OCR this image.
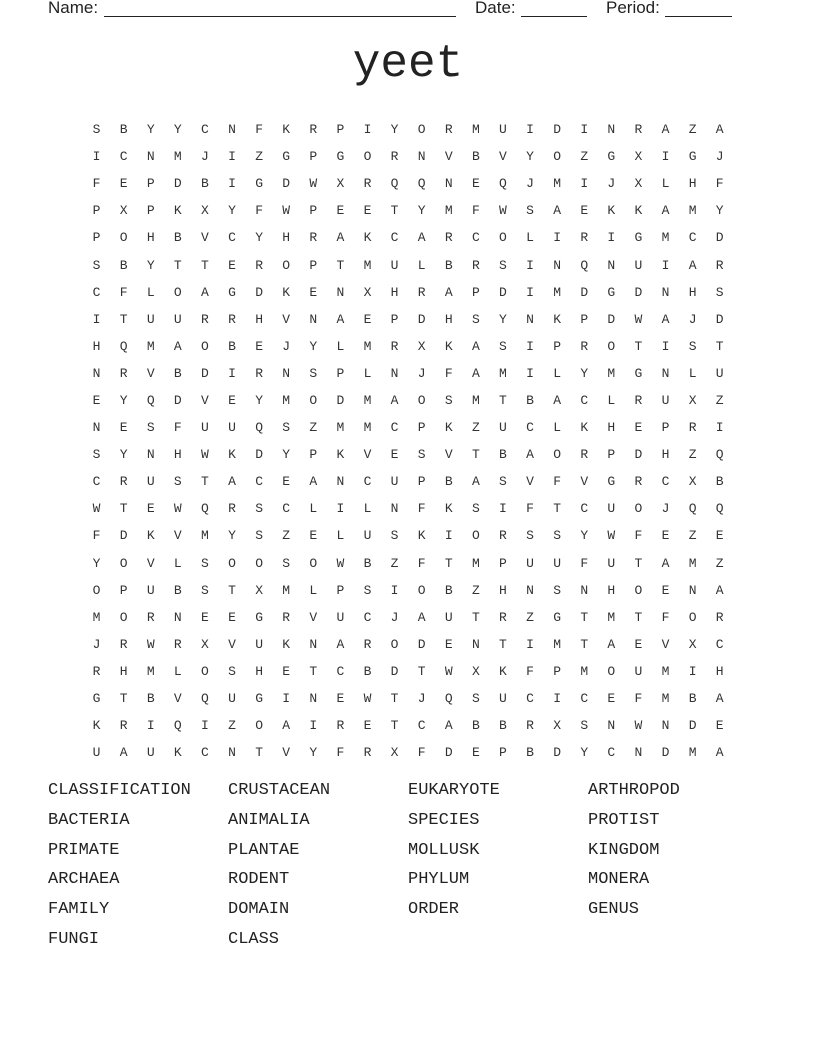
Name:	Date:	Period:
yeet
S	B	Y	Y	C	N	F	K	R	P	I	Y	O	R	M	U	I	D	I	N	R	A	Z	A
I	C	N	M	J	I	Z	G	P	G	O	R	N	V	B	V	Y	O	Z	G	X	I	G	J
F	E	P	D	B	I	G	D	W	X	R	Q	Q	N	E	Q	J	M	I	J	X	L	H	F
P	X	P	K	X	Y	F	W	P	E	E	T	Y	M	F	W	S	A	E	K	K	A	M	Y
P	O	H	B	V	C	Y	H	R	A	K	C	A	R	C	O	L	I	R	I	G	M	C	D
S	B	Y	T	T	E	R	O	P	T	M	U	L	B	R	S	I	N	Q	N	U	I	A	R
C	F	L	O	A	G	D	K	E	N	X	H	R	A	P	D	I	M	D	G	D	N	H	S
I	T	U	U	R	R	H	V	N	A	E	P	D	H	S	Y	N	K	P	D	W	A	J	D
H	Q	M	A	O	B	E	J	Y	L	M	R	X	K	A	S	I	P	R	O	T	I	S	T
N	R	V	B	D	I	R	N	S	P	L	N	J	F	A	M	I	L	Y	M	G	N	L	U
E	Y	Q	D	V	E	Y	M	O	D	M	A	O	S	M	T	B	A	C	L	R	U	X	Z
N	E	S	F	U	U	Q	S	Z	M	M	C	P	K	Z	U	C	L	K	H	E	P	R	I
S	Y	N	H	W	K	D	Y	P	K	V	E	S	V	T	B	A	O	R	P	D	H	Z	Q
C	R	U	S	T	A	C	E	A	N	C	U	P	B	A	S	V	F	V	G	R	C	X	B
W	T	E	W	Q	R	S	C	L	I	L	N	F	K	S	I	F	T	C	U	O	J	Q	Q
F	D	K	V	M	Y	S	Z	E	L	U	S	K	I	O	R	S	S	Y	W	F	E	Z	E
Y	O	V	L	S	O	O	S	O	W	B	Z	F	T	M	P	U	U	F	U	T	A	M	Z
O	P	U	B	S	T	X	M	L	P	S	I	O	B	Z	H	N	S	N	H	O	E	N	A
M	O	R	N	E	E	G	R	V	U	C	J	A	U	T	R	Z	G	T	M	T	F	O	R
J	R	W	R	X	V	U	K	N	A	R	O	D	E	N	T	I	M	T	A	E	V	X	C
R	H	M	L	O	S	H	E	T	C	B	D	T	W	X	K	F	P	M	O	U	M	I	H
G	T	B	V	Q	U	G	I	N	E	W	T	J	Q	S	U	C	I	C	E	F	M	B	A
K	R	I	Q	I	Z	O	A	I	R	E	T	C	A	B	B	R	X	S	N	W	N	D	E
U	A	U	K	C	N	T	V	Y	F	R	X	F	D	E	P	B	D	Y	C	N	D	M	A
CLASSIFICATION	CRUSTACEAN	EUKARYOTE	ARTHROPOD
BACTERIA	ANIMALIA	SPECIES	PROTIST
PRIMATE	PLANTAE	MOLLUSK	KINGDOM
ARCHAEA	RODENT	PHYLUM	MONERA
FAMILY	DOMAIN	ORDER	GENUS
FUNGI	CLASS
